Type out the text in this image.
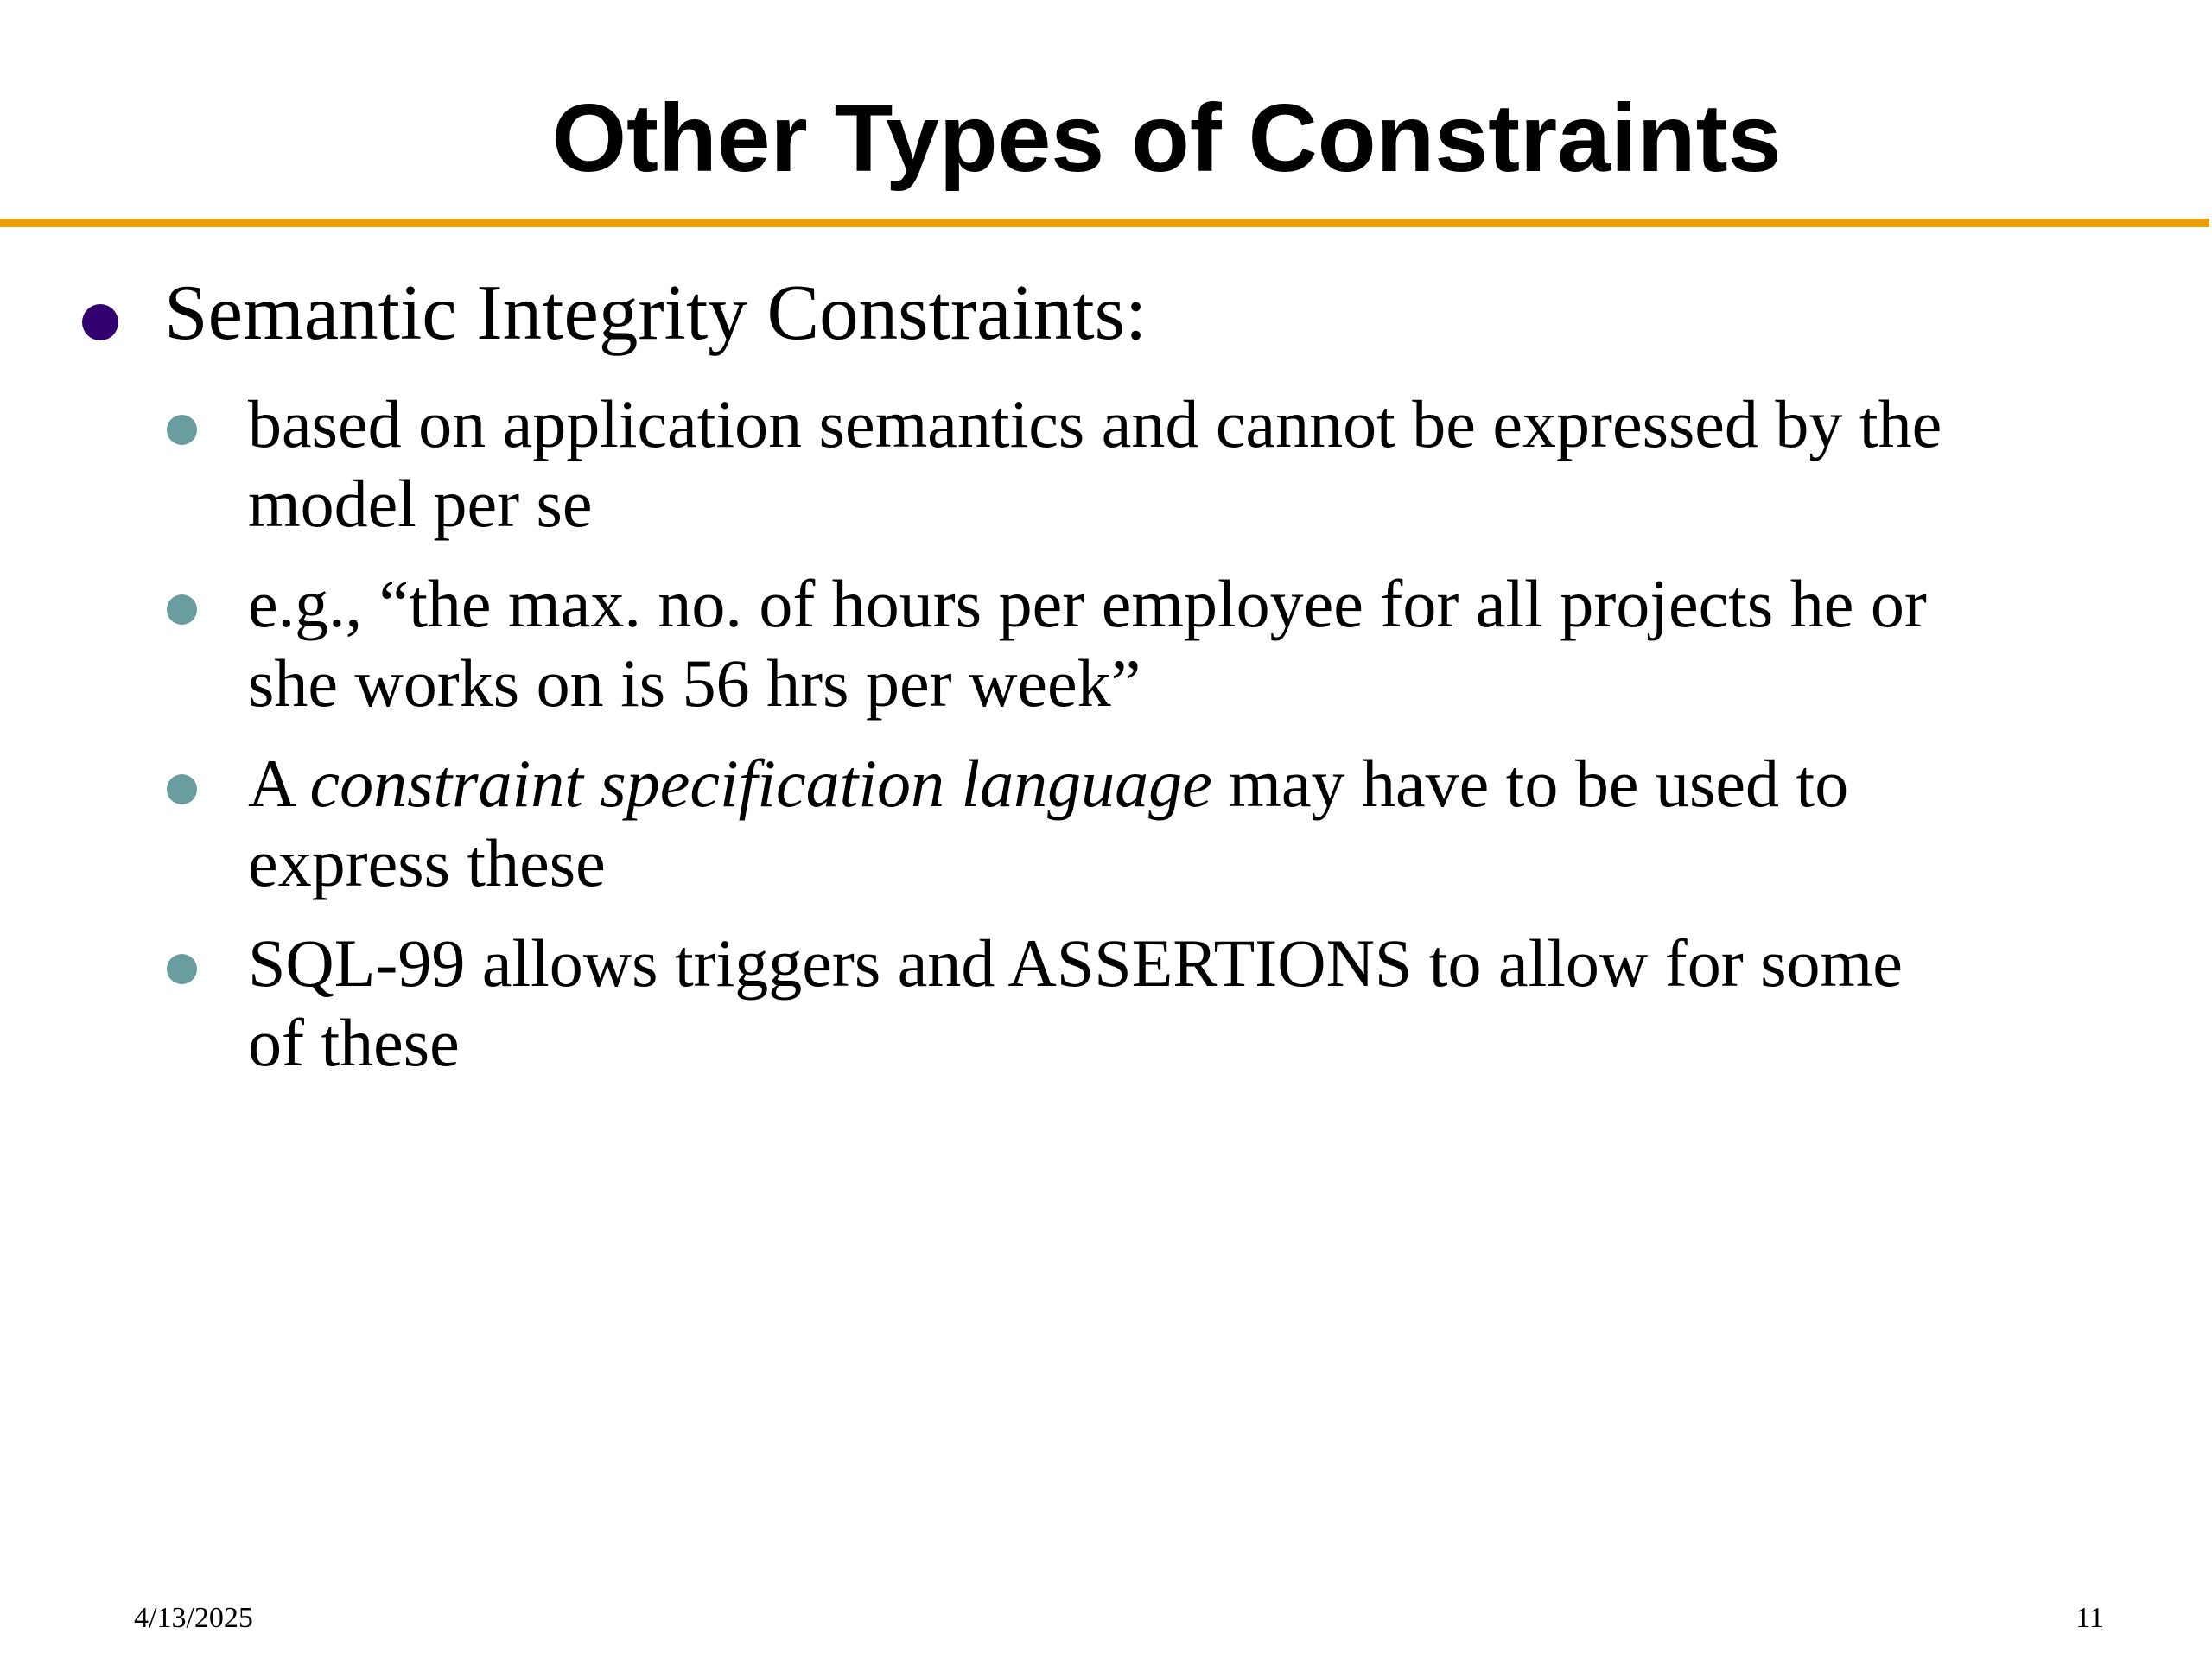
Other Types of Constraints
Semantic Integrity Constraints:
based on application semantics and cannot be expressed by the
model per se
e.g., “the max. no. of hours per employee for all projects he or
she works on is 56 hrs per week”
A constraint specification language may have to be used to
express these
SQL-99 allows triggers and ASSERTIONS to allow for some
of these
4/13/2025	11
